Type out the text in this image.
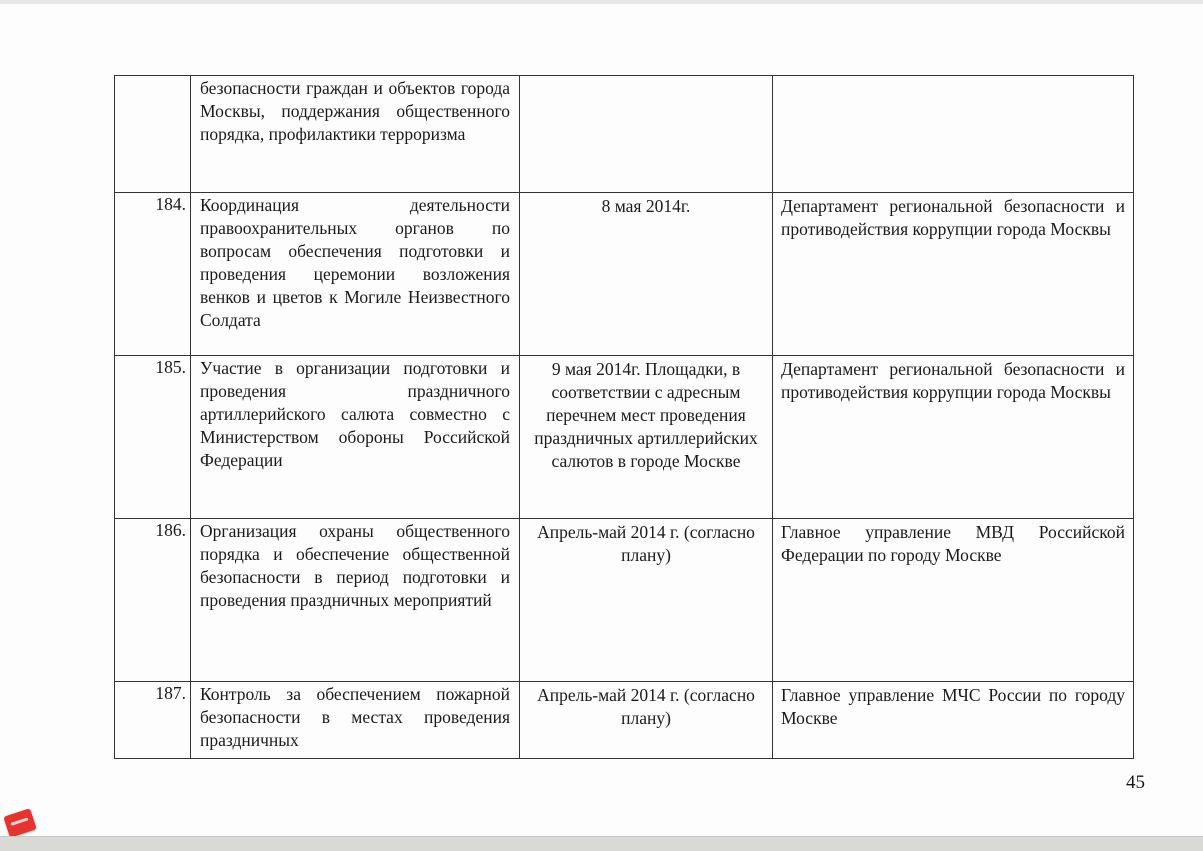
	безопасности граждан и объектов города Москвы, поддержания общественного порядка, профилактики терроризма		

184.	Координация деятельности правоохранительных органов по вопросам обеспечения подготовки и проведения церемонии возложения венков и цветов к Могиле Неизвестного Солдата	8 мая 2014г.	Департамент региональной безопасности и противодействия коррупции города Москвы

185.	Участие в организации подготовки и проведения праздничного артиллерийского салюта совместно с Министерством обороны Российской Федерации	9 мая 2014г. Площадки, в соответствии с адресным перечнем мест проведения праздничных артиллерийских салютов в городе Москве	Департамент региональной безопасности и противодействия коррупции города Москвы

186.	Организация охраны общественного порядка и обеспечение общественной безопасности в период подготовки и проведения праздничных мероприятий	Апрель-май 2014 г. (согласно плану)	Главное управление МВД Российской Федерации по городу Москве

187.	Контроль за обеспечением пожарной безопасности в местах проведения праздничных	Апрель-май 2014 г. (согласно плану)	Главное управление МЧС России по городу Москве
45
